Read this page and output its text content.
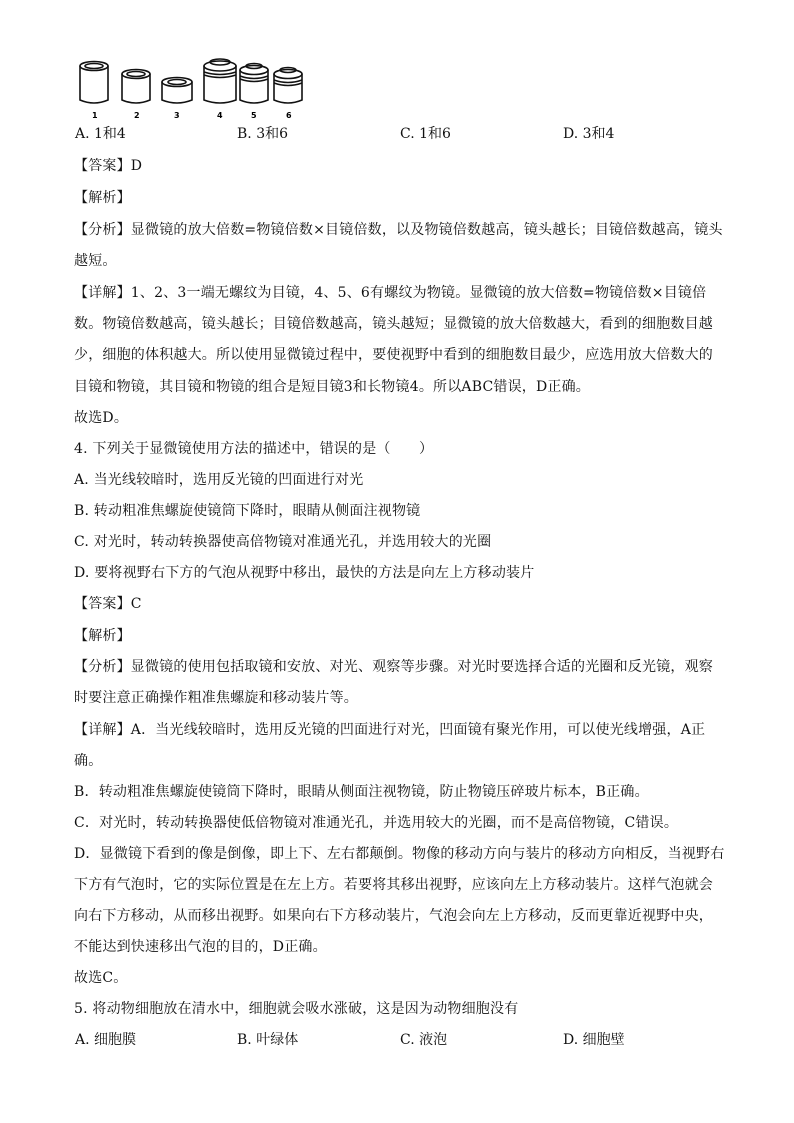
1	2	3	4	5	6
A. 1和4	B. 3和6	C. 1和6	D. 3和4
【答案】D
【解析】
【分析】显微镜的放大倍数=物镜倍数×目镜倍数，以及物镜倍数越高，镜头越长；目镜倍数越高，镜头
越短。
【详解】1、2、3一端无螺纹为目镜，4、5、6有螺纹为物镜。显微镜的放大倍数=物镜倍数×目镜倍
数。物镜倍数越高，镜头越长；目镜倍数越高，镜头越短；显微镜的放大倍数越大，看到的细胞数目越
少，细胞的体积越大。所以使用显微镜过程中，要使视野中看到的细胞数目最少，应选用放大倍数大的
目镜和物镜，其目镜和物镜的组合是短目镜3和长物镜4。所以ABC错误，D正确。
故选D。
4. 下列关于显微镜使用方法的描述中，错误的是（　　）
A. 当光线较暗时，选用反光镜的凹面进行对光
B. 转动粗准焦螺旋使镜筒下降时，眼睛从侧面注视物镜
C. 对光时，转动转换器使高倍物镜对准通光孔，并选用较大的光圈
D. 要将视野右下方的气泡从视野中移出，最快的方法是向左上方移动装片
【答案】C
【解析】
【分析】显微镜的使用包括取镜和安放、对光、观察等步骤。对光时要选择合适的光圈和反光镜，观察
时要注意正确操作粗准焦螺旋和移动装片等。
【详解】A．当光线较暗时，选用反光镜的凹面进行对光，凹面镜有聚光作用，可以使光线增强，A正
确。
B．转动粗准焦螺旋使镜筒下降时，眼睛从侧面注视物镜，防止物镜压碎玻片标本，B正确。
C．对光时，转动转换器使低倍物镜对准通光孔，并选用较大的光圈，而不是高倍物镜，C错误。
D．显微镜下看到的像是倒像，即上下、左右都颠倒。物像的移动方向与装片的移动方向相反，当视野右
下方有气泡时，它的实际位置是在左上方。若要将其移出视野，应该向左上方移动装片。这样气泡就会
向右下方移动，从而移出视野。如果向右下方移动装片，气泡会向左上方移动，反而更靠近视野中央，
不能达到快速移出气泡的目的，D正确。
故选C。
5. 将动物细胞放在清水中，细胞就会吸水涨破，这是因为动物细胞没有
A. 细胞膜	B. 叶绿体	C. 液泡	D. 细胞壁
